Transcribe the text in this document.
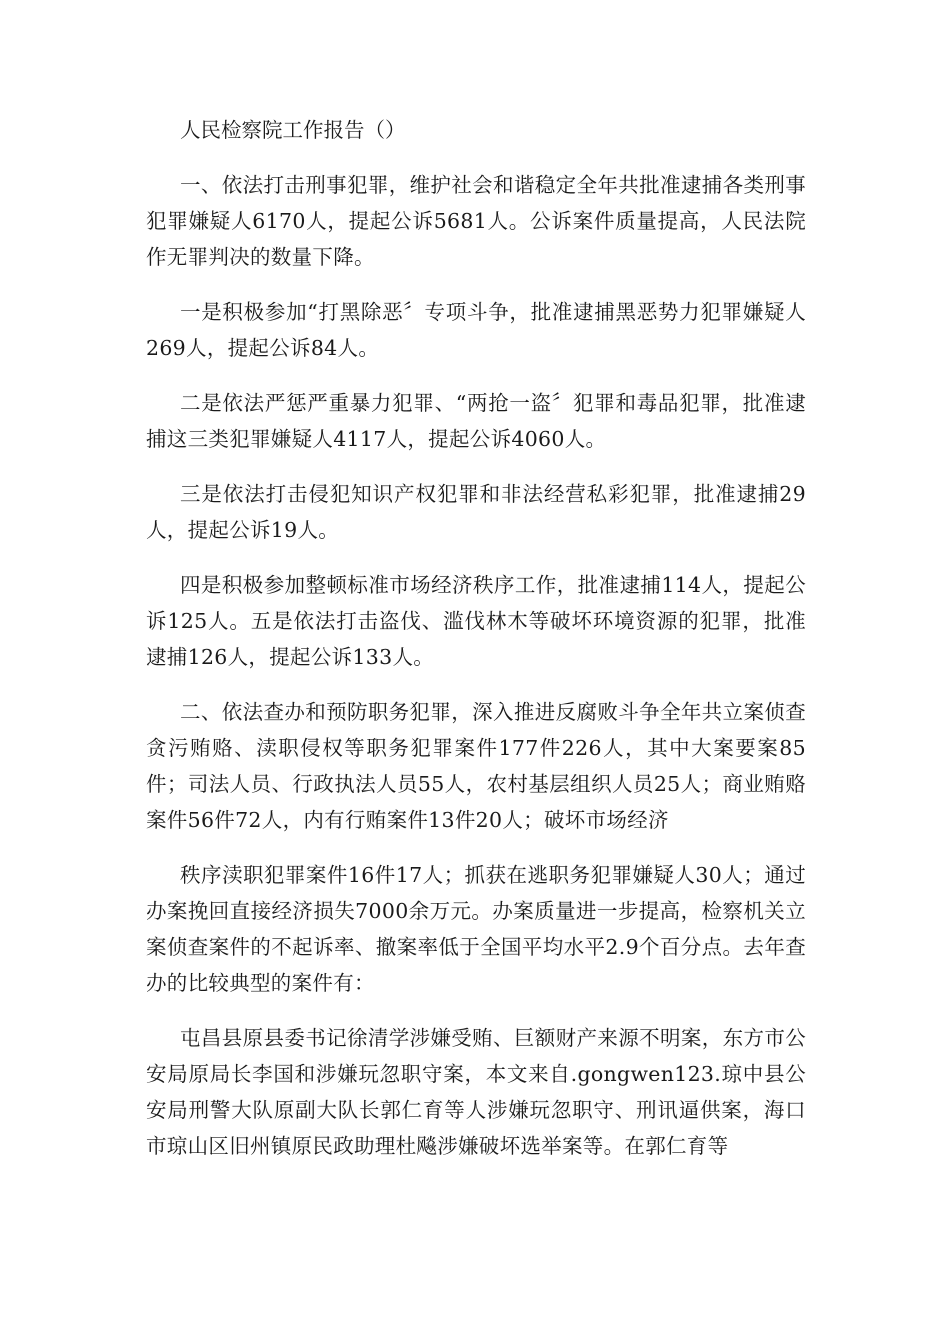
人民检察院工作报告（）

一、依法打击刑事犯罪，维护社会和谐稳定全年共批准逮捕各类刑事犯罪嫌疑人6170人，提起公诉5681人。公诉案件质量提高，人民法院作无罪判决的数量下降。

一是积极参加“打黑除恶〞专项斗争，批准逮捕黑恶势力犯罪嫌疑人269人，提起公诉84人。

二是依法严惩严重暴力犯罪、“两抢一盗〞犯罪和毒品犯罪，批准逮捕这三类犯罪嫌疑人4117人，提起公诉4060人。

三是依法打击侵犯知识产权犯罪和非法经营私彩犯罪，批准逮捕29人，提起公诉19人。

四是积极参加整顿标准市场经济秩序工作，批准逮捕114人，提起公诉125人。五是依法打击盗伐、滥伐林木等破坏环境资源的犯罪，批准逮捕126人，提起公诉133人。

二、依法查办和预防职务犯罪，深入推进反腐败斗争全年共立案侦查贪污贿赂、渎职侵权等职务犯罪案件177件226人，其中大案要案85件；司法人员、行政执法人员55人，农村基层组织人员25人；商业贿赂案件56件72人，内有行贿案件13件20人；破坏市场经济

秩序渎职犯罪案件16件17人；抓获在逃职务犯罪嫌疑人30人；通过办案挽回直接经济损失7000余万元。办案质量进一步提高，检察机关立案侦查案件的不起诉率、撤案率低于全国平均水平2.9个百分点。去年查办的比较典型的案件有：

屯昌县原县委书记徐清学涉嫌受贿、巨额财产来源不明案，东方市公安局原局长李国和涉嫌玩忽职守案，本文来自.gongwen123.琼中县公安局刑警大队原副大队长郭仁育等人涉嫌玩忽职守、刑讯逼供案，海口市琼山区旧州镇原民政助理杜飚涉嫌破坏选举案等。在郭仁育等
